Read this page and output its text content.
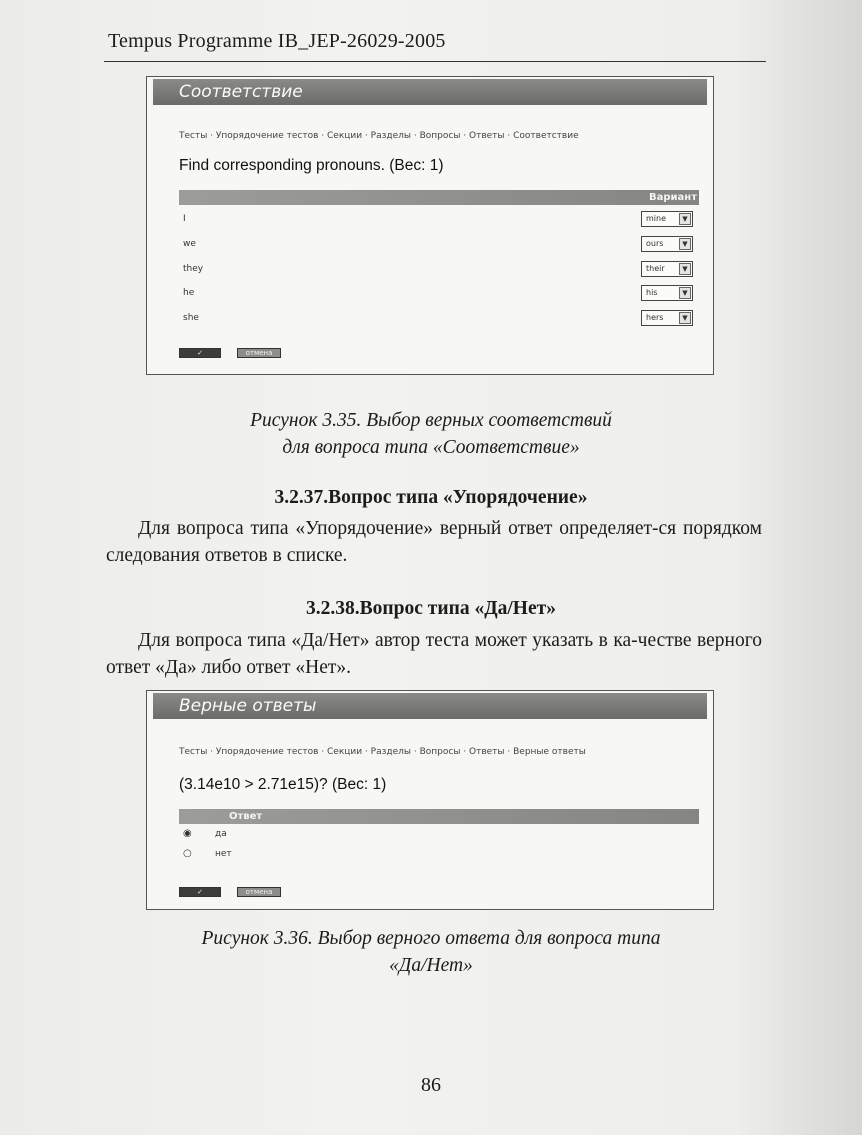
Tempus Programme IB_JEP-26029-2005
Соответствие
Тесты · Упорядочение тестов · Секции · Разделы · Вопросы · Ответы · Соответствие
Find corresponding pronouns. (Вес: 1)
Вариант
I	mine	▼
we	ours	▼
they	their	▼
he	his	▼
she	hers	▼
✓	отмена
Рисунок 3.35. Выбор верных соответствий
для вопроса типа «Соответствие»
3.2.37.Вопрос типа «Упорядочение»
Для вопроса типа «Упорядочение» верный ответ определяет-ся порядком следования ответов в списке.
3.2.38.Вопрос типа «Да/Нет»
Для вопроса типа «Да/Нет» автор теста может указать в ка-честве верного ответ «Да» либо ответ «Нет».
Верные ответы
Тесты · Упорядочение тестов · Секции · Разделы · Вопросы · Ответы · Верные ответы
(3.14e10 > 2.71e15)? (Вес: 1)
Ответ
◉	да
○	нет
✓	отмена
Рисунок 3.36. Выбор верного ответа для вопроса типа
«Да/Нет»
86
